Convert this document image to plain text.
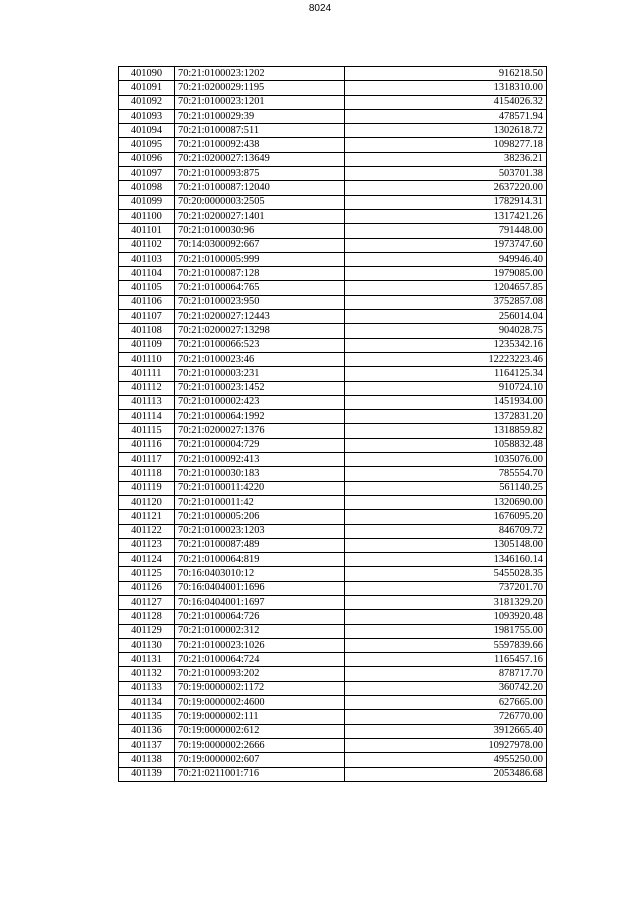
8024
401090	70:21:0100023:1202	916218.50
401091	70:21:0200029:1195	1318310.00
401092	70:21:0100023:1201	4154026.32
401093	70:21:0100029:39	478571.94
401094	70:21:0100087:511	1302618.72
401095	70:21:0100092:438	1098277.18
401096	70:21:0200027:13649	38236.21
401097	70:21:0100093:875	503701.38
401098	70:21:0100087:12040	2637220.00
401099	70:20:0000003:2505	1782914.31
401100	70:21:0200027:1401	1317421.26
401101	70:21:0100030:96	791448.00
401102	70:14:0300092:667	1973747.60
401103	70:21:0100005:999	949946.40
401104	70:21:0100087:128	1979085.00
401105	70:21:0100064:765	1204657.85
401106	70:21:0100023:950	3752857.08
401107	70:21:0200027:12443	256014.04
401108	70:21:0200027:13298	904028.75
401109	70:21:0100066:523	1235342.16
401110	70:21:0100023:46	12223223.46
401111	70:21:0100003:231	1164125.34
401112	70:21:0100023:1452	910724.10
401113	70:21:0100002:423	1451934.00
401114	70:21:0100064:1992	1372831.20
401115	70:21:0200027:1376	1318859.82
401116	70:21:0100004:729	1058832.48
401117	70:21:0100092:413	1035076.00
401118	70:21:0100030:183	785554.70
401119	70:21:0100011:4220	561140.25
401120	70:21:0100011:42	1320690.00
401121	70:21:0100005:206	1676095.20
401122	70:21:0100023:1203	846709.72
401123	70:21:0100087:489	1305148.00
401124	70:21:0100064:819	1346160.14
401125	70:16:0403010:12	5455028.35
401126	70:16:0404001:1696	737201.70
401127	70:16:0404001:1697	3181329.20
401128	70:21:0100064:726	1093920.48
401129	70:21:0100002:312	1981755.00
401130	70:21:0100023:1026	5597839.66
401131	70:21:0100064:724	1165457.16
401132	70:21:0100093:202	878717.70
401133	70:19:0000002:1172	360742.20
401134	70:19:0000002:4600	627665.00
401135	70:19:0000002:111	726770.00
401136	70:19:0000002:612	3912665.40
401137	70:19:0000002:2666	10927978.00
401138	70:19:0000002:607	4955250.00
401139	70:21:0211001:716	2053486.68
